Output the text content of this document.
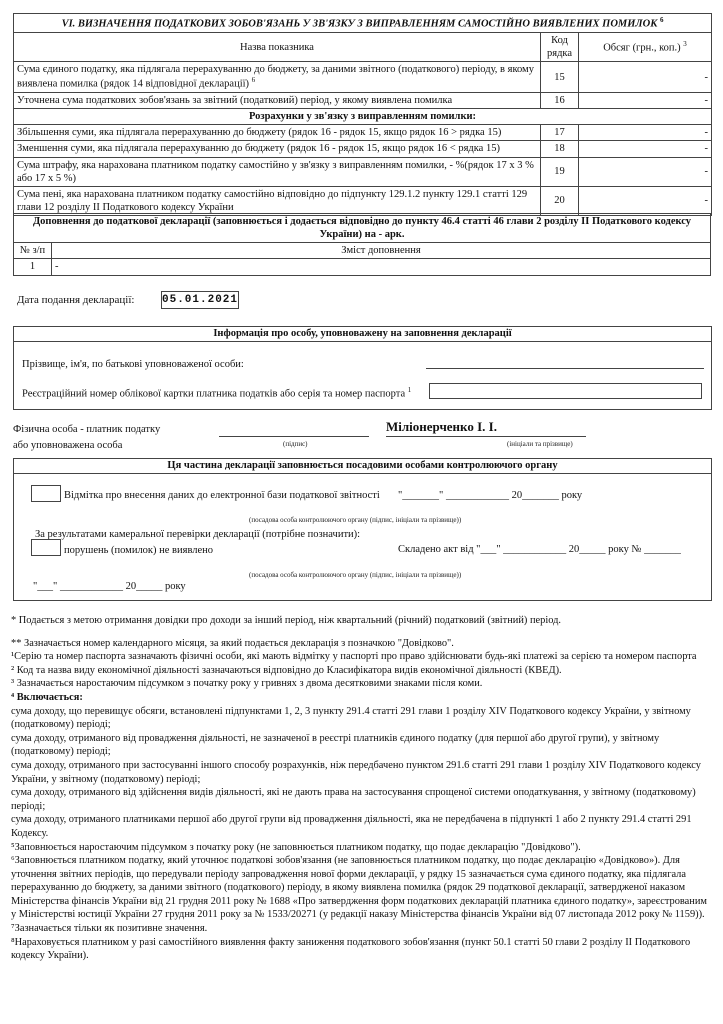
VI. ВИЗНАЧЕННЯ ПОДАТКОВИХ ЗОБОВ'ЯЗАНЬ У ЗВ'ЯЗКУ З ВИПРАВЛЕННЯМ САМОСТІЙНО ВИЯВЛЕНИХ ПОМИЛОК $^6$
Назва показника	Код рядка	Обсяг (грн., коп.) $^3$
Сума єдиного податку, яка підлягала перерахуванню до бюджету, за даними звітного (податкового) періоду, в якому виявлена помилка (рядок 14 відповідної декларації) $^6$	15	-
Уточнена сума податкових зобов'язань за звітний (податковий) період, у якому виявлена помилка	16	-
Розрахунки у зв'язку з виправленням помилки:		
Збільшення суми, яка підлягала перерахуванню до бюджету (рядок 16 - рядок 15, якщо рядок 16 > рядка 15)	17	-
Зменшення суми, яка підлягала перерахуванню до бюджету (рядок 16 - рядок 15, якщо рядок 16 < рядка 15)	18	-
Сума штрафу, яка нарахована платником податку самостійно у зв'язку з виправленням помилки, - %(рядок 17 х 3 % або 17 х 5 %)	19	-
Сума пені, яка нарахована платником податку самостійно відповідно до підпункту 129.1.2 пункту 129.1 статті 129 глави 12 розділу II Податкового кодексу України	20	-
Доповнення до податкової декларації (заповнюється і додається відповідно до пункту 46.4 статті 46 глави 2 розділу II Податкового кодексу України) на - арк.	
№ з/п	Зміст доповнення
1	-
Дата подання декларації:	05.01.2021
Інформація про особу, уповноважену на заповнення декларації
Прізвище, ім'я, по батькові уповноваженої особи:
Реєстраційний номер облікової картки платника податків або серія та номер паспорта $^1$
Фізична особа - платник податку
або уповноважена особа	(підпис)
Міліонерченко І. І.
(ініціали та прізвище)
Ця частина декларації заповнюється посадовими особами контролюючого органу
Відмітка про внесення даних до електронної бази податкової звітності "_______" ____________ 20_______ року
(посадова особа контролюючого органу (підпис, ініціали та прізвище))
За результатами камеральної перевірки декларації (потрібне позначити):
порушень (помилок) не виявлено	Складено акт від "___" ____________ 20_____ року № _______
(посадова особа контролюючого органу (підпис, ініціали та прізвище))
"___" ____________ 20_____ року

* Подається з метою отримання довідки про доходи за інший період, ніж квартальний (річний) податковий (звітний) період.

** Зазначається номер календарного місяця, за який подається декларація з позначкою "Довідково".

¹Серію та номер паспорта зазначають фізичні особи, які мають відмітку у паспорті про право здійснювати будь-які платежі за серією та номером паспорта

² Код та назва виду економічної діяльності зазначаються відповідно до Класифікатора видів економічної діяльності (КВЕД).

³ Зазначається наростаючим підсумком з початку року у гривнях з двома десятковими знаками після коми.

⁴ Включається:

сума доходу, що перевищує обсяги, встановлені підпунктами 1, 2, 3 пункту 291.4 статті 291 глави 1 розділу XIV Податкового кодексу України, у звітному (податковому) періоді;

сума доходу, отриманого від провадження діяльності, не зазначеної в реєстрі платників єдиного податку (для першої або другої групи), у звітному (податковому) періоді;

сума доходу, отриманого при застосуванні іншого способу розрахунків, ніж передбачено пунктом 291.6 статті 291 глави 1 розділу XIV Податкового кодексу України, у звітному (податковому) періоді;

сума доходу, отриманого від здійснення видів діяльності, які не дають права на застосування спрощеної системи оподаткування, у звітному (податковому) періоді;

сума доходу, отриманого платниками першої або другої групи від провадження діяльності, яка не передбачена в підпункті 1 або 2 пункту 291.4 статті 291 Кодексу.

⁵Заповнюється наростаючим підсумком з початку року (не заповнюється платником податку, що подає декларацію "Довідково").

⁶Заповнюється платником податку, який уточнює податкові зобов'язання (не заповнюється платником податку, що подає декларацію «Довідково»). Для уточнення звітних періодів, що передували періоду запровадження нової форми декларації, у рядку 15 зазначається сума єдиного податку, яка підлягала перерахуванню до бюджету, за даними звітного (податкового) періоду, в якому виявлена помилка (рядок 29 податкової декларації, затвердженої наказом Міністерства фінансів України від 21 грудня 2011 року № 1688 «Про затвердження форм податкових декларацій платника єдиного податку», зареєстрованим у Міністерстві юстиції України 27 грудня 2011 року за № 1533/20271 (у редакції наказу Міністерства фінансів України від 07 листопада 2012 року № 1159)).

⁷Зазначається тільки як позитивне значення.

⁸Нараховується платником у разі самостійного виявлення факту заниження податкового зобов'язання (пункт 50.1 статті 50 глави 2 розділу II Податкового кодексу України).
